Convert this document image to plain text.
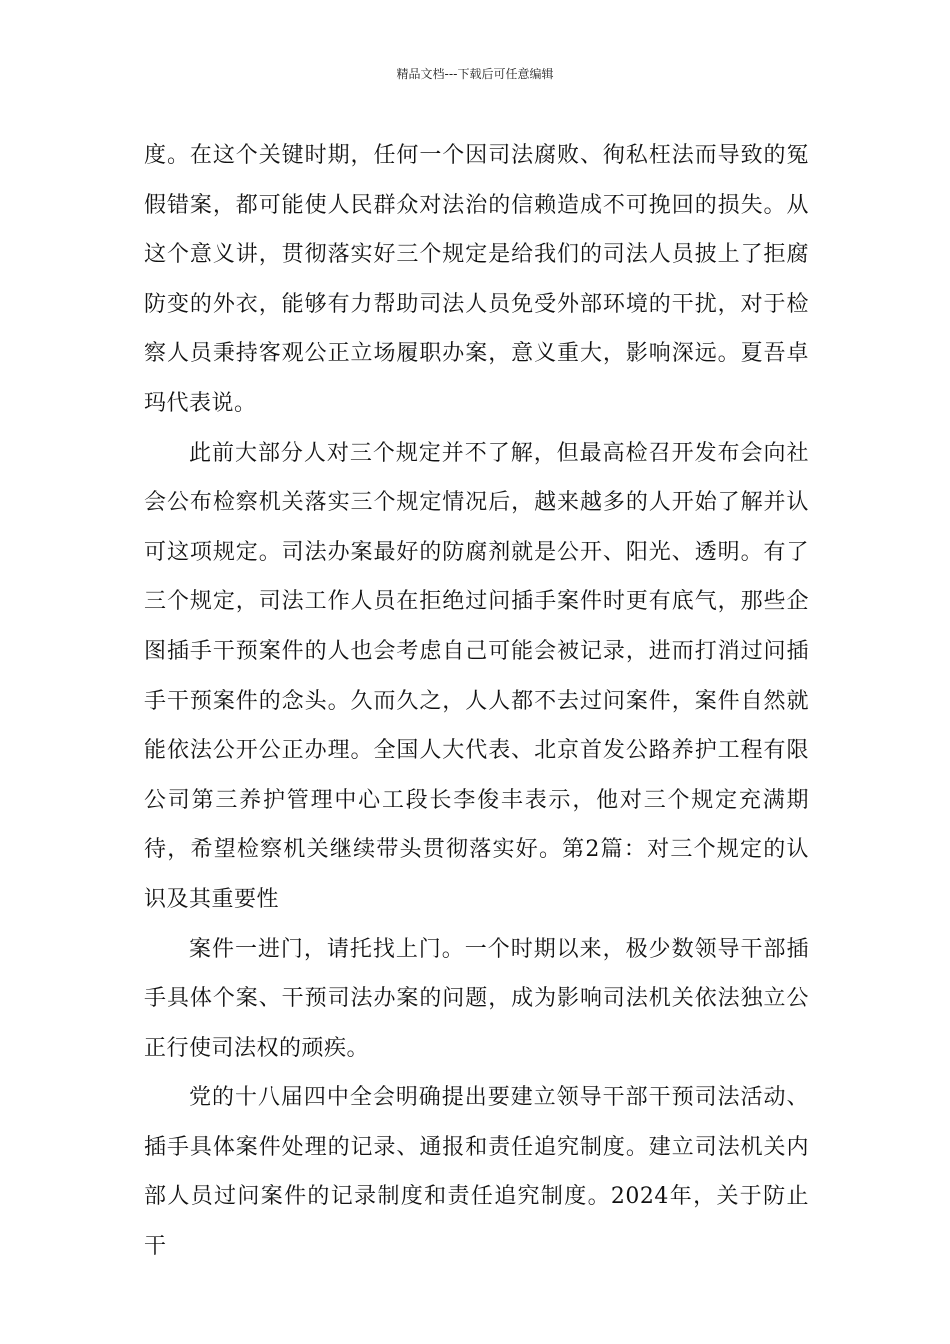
精品文档---下载后可任意编辑

度。在这个关键时期，任何一个因司法腐败、徇私枉法而导致的冤假错案，都可能使人民群众对法治的信赖造成不可挽回的损失。从这个意义讲，贯彻落实好三个规定是给我们的司法人员披上了拒腐防变的外衣，能够有力帮助司法人员免受外部环境的干扰，对于检察人员秉持客观公正立场履职办案，意义重大，影响深远。夏吾卓玛代表说。

此前大部分人对三个规定并不了解，但最高检召开发布会向社会公布检察机关落实三个规定情况后，越来越多的人开始了解并认可这项规定。司法办案最好的防腐剂就是公开、阳光、透明。有了三个规定，司法工作人员在拒绝过问插手案件时更有底气，那些企图插手干预案件的人也会考虑自己可能会被记录，进而打消过问插手干预案件的念头。久而久之，人人都不去过问案件，案件自然就能依法公开公正办理。全国人大代表、北京首发公路养护工程有限公司第三养护管理中心工段长李俊丰表示，他对三个规定充满期待，希望检察机关继续带头贯彻落实好。第2篇：对三个规定的认识及其重要性

案件一进门，请托找上门。一个时期以来，极少数领导干部插手具体个案、干预司法办案的问题，成为影响司法机关依法独立公正行使司法权的顽疾。

党的十八届四中全会明确提出要建立领导干部干预司法活动、插手具体案件处理的记录、通报和责任追究制度。建立司法机关内部人员过问案件的记录制度和责任追究制度。2024年，关于防止干
